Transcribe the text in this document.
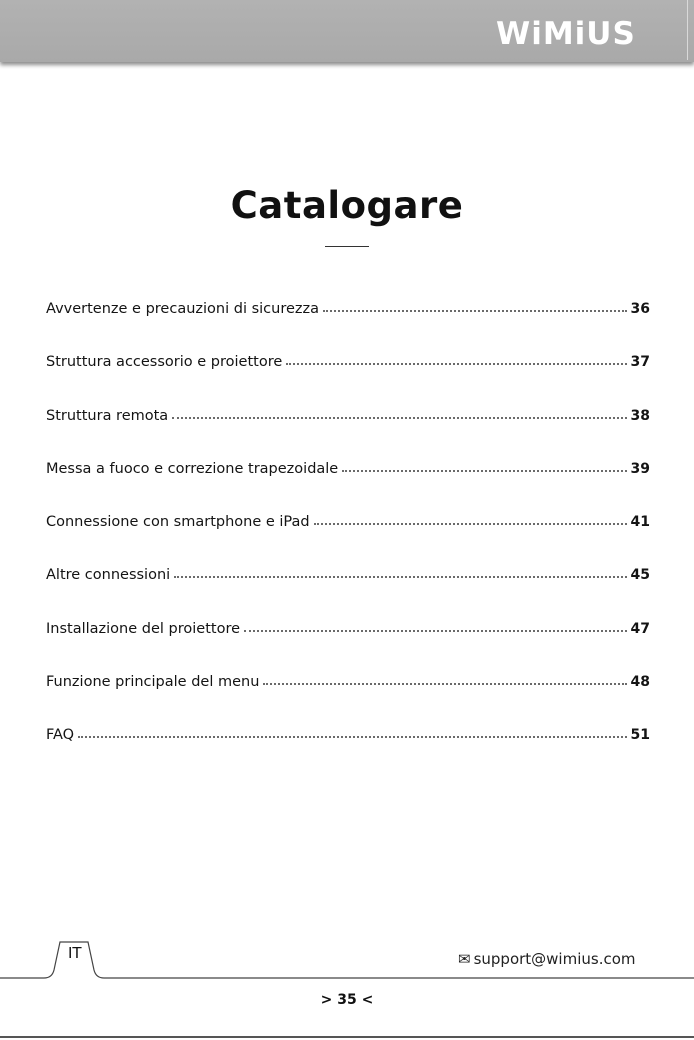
WiMiUS
Catalogare
Avvertenze e precauzioni di sicurezza	36
Struttura accessorio e proiettore	37
Struttura remota	38
Messa a fuoco e correzione trapezoidale	39
Connessione con smartphone e iPad	41
Altre connessioni	45
Installazione del proiettore	47
Funzione principale del menu	48
FAQ	51
IT	✉ support@wimius.com
> 35 <
